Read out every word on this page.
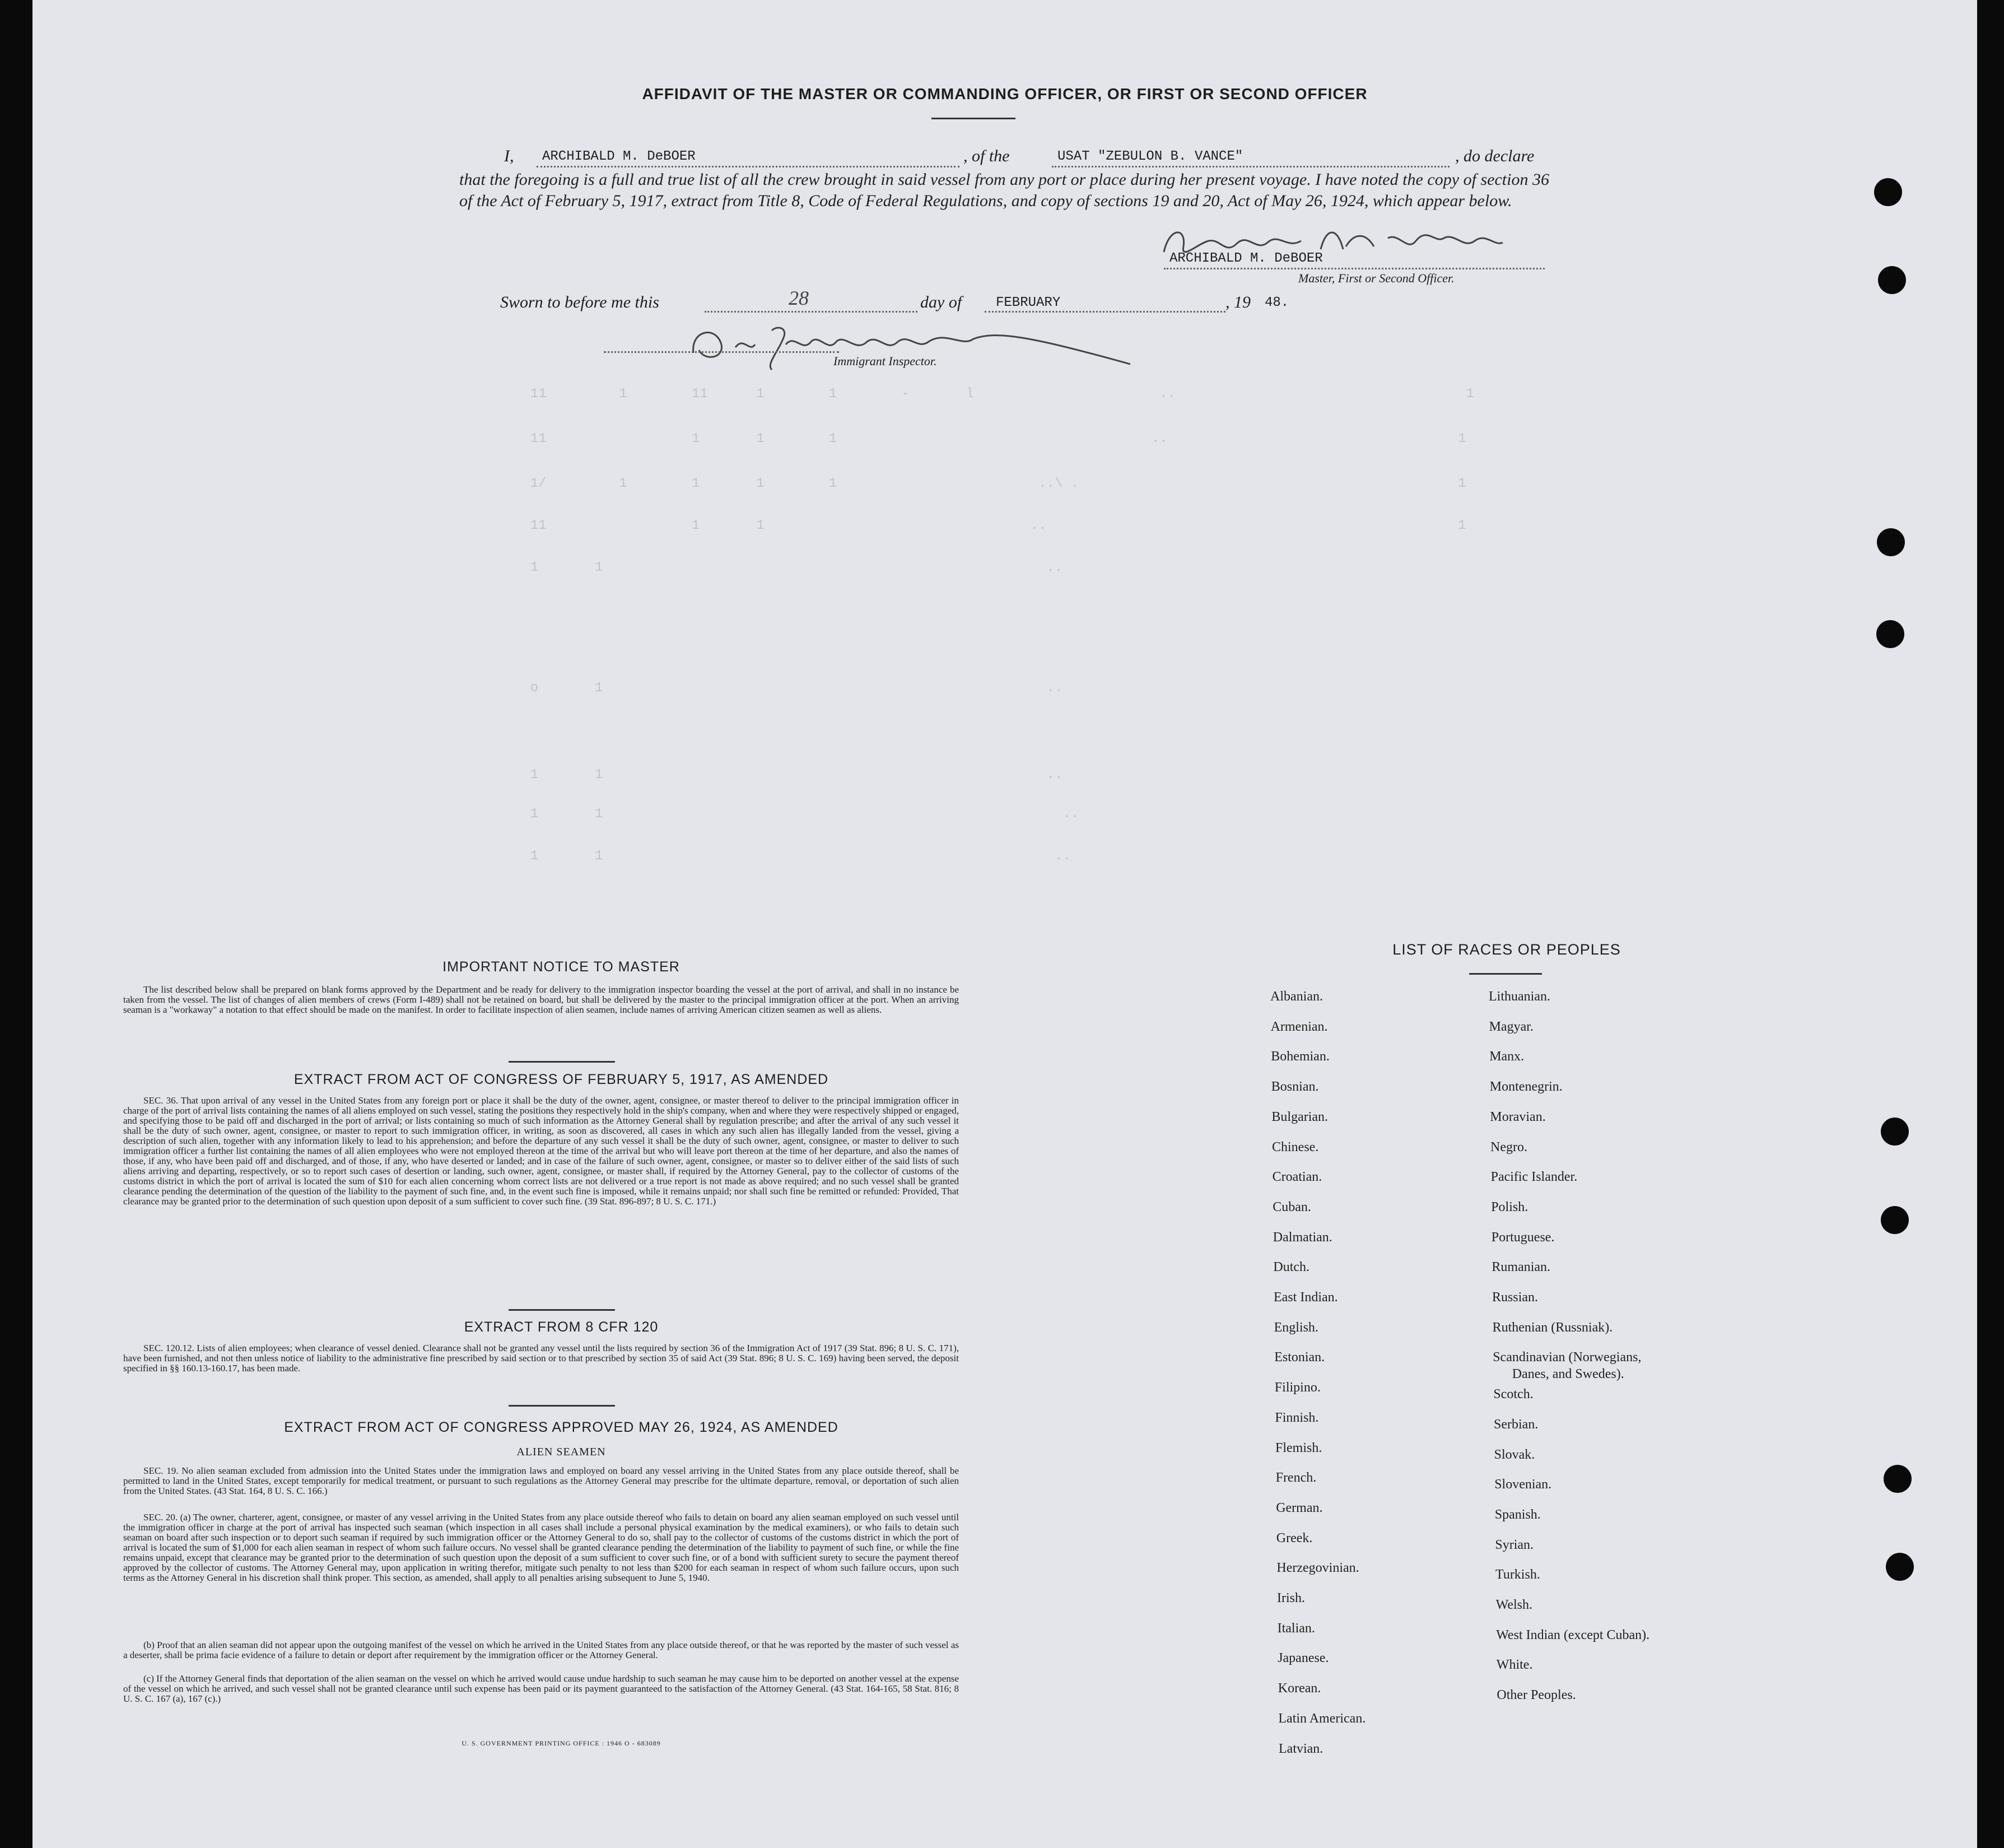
AFFIDAVIT OF THE MASTER OR COMMANDING OFFICER, OR FIRST OR SECOND OFFICER
I, ARCHIBALD M. DeBOER	, of the	USAT "ZEBULON B. VANCE"	, do declare
that the foregoing is a full and true list of all the crew brought in said vessel from any port or place during her present voyage. I have noted the copy of section 36 of the Act of February 5, 1917, extract from Title 8, Code of Federal Regulations, and copy of sections 19 and 20, Act of May 26, 1924, which appear below.
ARCHIBALD M. DeBOER
Master, First or Second Officer.
Sworn to before me this	28	day of	FEBRUARY	, 19 48.
Immigrant Inspector.
11         1        11      1        1        -       l                       ..                                    1
11                  1       1        1                                       ..                                    1
1/         1        1       1        1                         ..\ .                                               1
11                  1       1                                 ..                                                   1
1       1                                                       ..
o       1                                                       ..
1       1                                                       ..
1       1                                                         ..
1       1                                                        ..
IMPORTANT NOTICE TO MASTER
The list described below shall be prepared on blank forms approved by the Department and be ready for delivery to the immigration inspector boarding the vessel at the port of arrival, and shall in no instance be taken from the vessel. The list of changes of alien members of crews (Form I-489) shall not be retained on board, but shall be delivered by the master to the principal immigration officer at the port. When an arriving seaman is a "workaway" a notation to that effect should be made on the manifest. In order to facilitate inspection of alien seamen, include names of arriving American citizen seamen as well as aliens.
EXTRACT FROM ACT OF CONGRESS OF FEBRUARY 5, 1917, AS AMENDED
SEC. 36. That upon arrival of any vessel in the United States from any foreign port or place it shall be the duty of the owner, agent, consignee, or master thereof to deliver to the principal immigration officer in charge of the port of arrival lists containing the names of all aliens employed on such vessel, stating the positions they respectively hold in the ship's company, when and where they were respectively shipped or engaged, and specifying those to be paid off and discharged in the port of arrival; or lists containing so much of such information as the Attorney General shall by regulation prescribe; and after the arrival of any such vessel it shall be the duty of such owner, agent, consignee, or master to report to such immigration officer, in writing, as soon as discovered, all cases in which any such alien has illegally landed from the vessel, giving a description of such alien, together with any information likely to lead to his apprehension; and before the departure of any such vessel it shall be the duty of such owner, agent, consignee, or master to deliver to such immigration officer a further list containing the names of all alien employees who were not employed thereon at the time of the arrival but who will leave port thereon at the time of her departure, and also the names of those, if any, who have been paid off and discharged, and of those, if any, who have deserted or landed; and in case of the failure of such owner, agent, consignee, or master so to deliver either of the said lists of such aliens arriving and departing, respectively, or so to report such cases of desertion or landing, such owner, agent, consignee, or master shall, if required by the Attorney General, pay to the collector of customs of the customs district in which the port of arrival is located the sum of $10 for each alien concerning whom correct lists are not delivered or a true report is not made as above required; and no such vessel shall be granted clearance pending the determination of the question of the liability to the payment of such fine, and, in the event such fine is imposed, while it remains unpaid; nor shall such fine be remitted or refunded: Provided, That clearance may be granted prior to the determination of such question upon deposit of a sum sufficient to cover such fine. (39 Stat. 896-897; 8 U. S. C. 171.)
EXTRACT FROM 8 CFR 120
SEC. 120.12. Lists of alien employees; when clearance of vessel denied. Clearance shall not be granted any vessel until the lists required by section 36 of the Immigration Act of 1917 (39 Stat. 896; 8 U. S. C. 171), have been furnished, and not then unless notice of liability to the administrative fine prescribed by said section or to that prescribed by section 35 of said Act (39 Stat. 896; 8 U. S. C. 169) having been served, the deposit specified in §§ 160.13-160.17, has been made.
EXTRACT FROM ACT OF CONGRESS APPROVED MAY 26, 1924, AS AMENDED
ALIEN SEAMEN
SEC. 19. No alien seaman excluded from admission into the United States under the immigration laws and employed on board any vessel arriving in the United States from any place outside thereof, shall be permitted to land in the United States, except temporarily for medical treatment, or pursuant to such regulations as the Attorney General may prescribe for the ultimate departure, removal, or deportation of such alien from the United States. (43 Stat. 164, 8 U. S. C. 166.)
SEC. 20. (a) The owner, charterer, agent, consignee, or master of any vessel arriving in the United States from any place outside thereof who fails to detain on board any alien seaman employed on such vessel until the immigration officer in charge at the port of arrival has inspected such seaman (which inspection in all cases shall include a personal physical examination by the medical examiners), or who fails to detain such seaman on board after such inspection or to deport such seaman if required by such immigration officer or the Attorney General to do so, shall pay to the collector of customs of the customs district in which the port of arrival is located the sum of $1,000 for each alien seaman in respect of whom such failure occurs. No vessel shall be granted clearance pending the determination of the liability to payment of such fine, or while the fine remains unpaid, except that clearance may be granted prior to the determination of such question upon the deposit of a sum sufficient to cover such fine, or of a bond with sufficient surety to secure the payment thereof approved by the collector of customs. The Attorney General may, upon application in writing therefor, mitigate such penalty to not less than $200 for each seaman in respect of whom such failure occurs, upon such terms as the Attorney General in his discretion shall think proper. This section, as amended, shall apply to all penalties arising subsequent to June 5, 1940.
(b) Proof that an alien seaman did not appear upon the outgoing manifest of the vessel on which he arrived in the United States from any place outside thereof, or that he was reported by the master of such vessel as a deserter, shall be prima facie evidence of a failure to detain or deport after requirement by the immigration officer or the Attorney General.
(c) If the Attorney General finds that deportation of the alien seaman on the vessel on which he arrived would cause undue hardship to such seaman he may cause him to be deported on another vessel at the expense of the vessel on which he arrived, and such vessel shall not be granted clearance until such expense has been paid or its payment guaranteed to the satisfaction of the Attorney General. (43 Stat. 164-165, 58 Stat. 816; 8 U. S. C. 167 (a), 167 (c).)
U. S. GOVERNMENT PRINTING OFFICE : 1946 O - 683089
LIST OF RACES OR PEOPLES
Albanian.
Armenian.
Bohemian.
Bosnian.
Bulgarian.
Chinese.
Croatian.
Cuban.
Dalmatian.
Dutch.
East Indian.
English.
Estonian.
Filipino.
Finnish.
Flemish.
French.
German.
Greek.
Herzegovinian.
Irish.
Italian.
Japanese.
Korean.
Latin American.
Latvian.
Lithuanian.
Magyar.
Manx.
Montenegrin.
Moravian.
Negro.
Pacific Islander.
Polish.
Portuguese.
Rumanian.
Russian.
Ruthenian (Russniak).
Scandinavian (Norwegians,
Danes, and Swedes).
Scotch.
Serbian.
Slovak.
Slovenian.
Spanish.
Syrian.
Turkish.
Welsh.
West Indian (except Cuban).
White.
Other Peoples.
